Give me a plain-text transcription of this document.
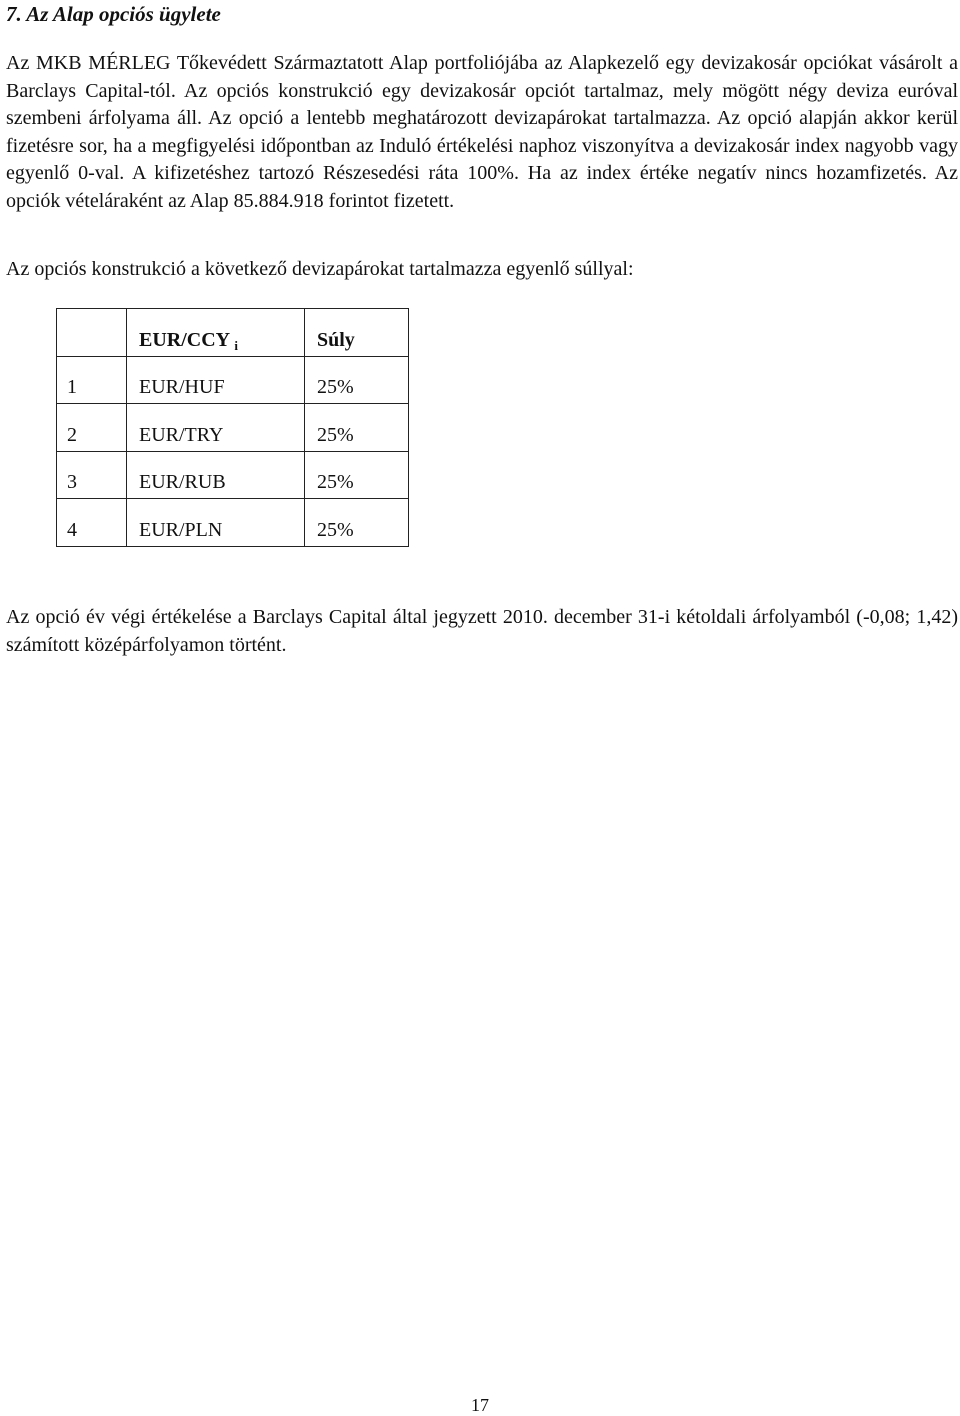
7. Az Alap opciós ügylete

Az MKB MÉRLEG Tőkevédett Származtatott Alap portfoliójába az Alapkezelő egy devizakosár opciókat vásárolt a Barclays Capital-tól. Az opciós konstrukció egy devizakosár opciót tartalmaz, mely mögött négy deviza euróval szembeni árfolyama áll. Az opció a lentebb meghatározott devizapárokat tartalmazza. Az opció alapján akkor kerül fizetésre sor, ha a megfigyelési időpontban az Induló értékelési naphoz viszonyítva a devizakosár index nagyobb vagy egyenlő 0-val. A kifizetéshez tartozó Részesedési ráta 100%. Ha az index értéke negatív nincs hozamfizetés. Az opciók vételáraként az Alap 85.884.918 forintot fizetett.

Az opciós konstrukció a következő devizapárokat tartalmazza egyenlő súllyal:

	EUR/CCY $_i$	Súly
1	EUR/HUF	25%
2	EUR/TRY	25%
3	EUR/RUB	25%
4	EUR/PLN	25%

Az opció év végi értékelése a Barclays Capital által jegyzett 2010. december 31-i kétoldali árfolyamból (-0,08; 1,42) számított középárfolyamon történt.

17
